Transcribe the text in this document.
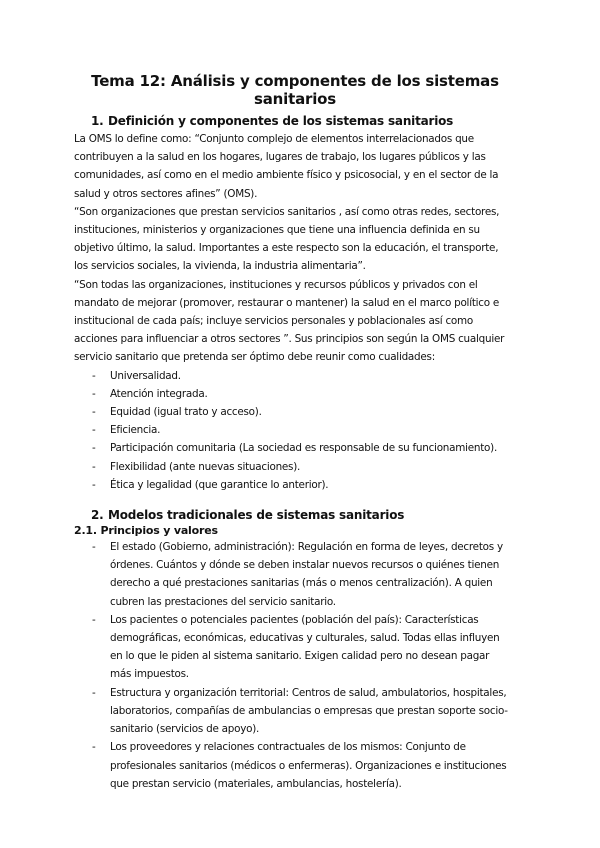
Tema 12: Análisis y componentes de los sistemas sanitarios
1. Definición y componentes de los sistemas sanitarios

La OMS lo define como: “Conjunto complejo de elementos interrelacionados que contribuyen a la salud en los hogares, lugares de trabajo, los lugares públicos y las comunidades, así como en el medio ambiente físico y psicosocial, y en el sector de la salud y otros sectores afines” (OMS).

“Son organizaciones que prestan servicios sanitarios , así como otras redes, sectores, instituciones, ministerios y organizaciones que tiene una influencia definida en su objetivo último, la salud. Importantes a este respecto son la educación, el transporte, los servicios sociales, la vivienda, la industria alimentaria”.

“Son todas las organizaciones, instituciones y recursos públicos y privados con el mandato de mejorar (promover, restaurar o mantener) la salud en el marco político e institucional de cada país; incluye servicios personales y poblacionales así como acciones para influenciar a otros sectores ”. Sus principios son según la OMS cualquier servicio sanitario que pretenda ser óptimo debe reunir como cualidades:

- Universalidad.
- Atención integrada.
- Equidad (igual trato y acceso).
- Eficiencia.
- Participación comunitaria (La sociedad es responsable de su funcionamiento).
- Flexibilidad (ante nuevas situaciones).
- Ética y legalidad (que garantice lo anterior).
2. Modelos tradicionales de sistemas sanitarios
2.1. Principios y valores
- El estado (Gobierno, administración): Regulación en forma de leyes, decretos y órdenes. Cuántos y dónde se deben instalar nuevos recursos o quiénes tienen derecho a qué prestaciones sanitarias (más o menos centralización). A quien cubren las prestaciones del servicio sanitario.
- Los pacientes o potenciales pacientes (población del país): Características demográficas, económicas, educativas y culturales, salud. Todas ellas influyen en lo que le piden al sistema sanitario. Exigen calidad pero no desean pagar más impuestos.
- Estructura y organización territorial: Centros de salud, ambulatorios, hospitales, laboratorios, compañías de ambulancias o empresas que prestan soporte socio-sanitario (servicios de apoyo).
- Los proveedores y relaciones contractuales de los mismos: Conjunto de profesionales sanitarios (médicos o enfermeras). Organizaciones e instituciones que prestan servicio (materiales, ambulancias, hostelería).
